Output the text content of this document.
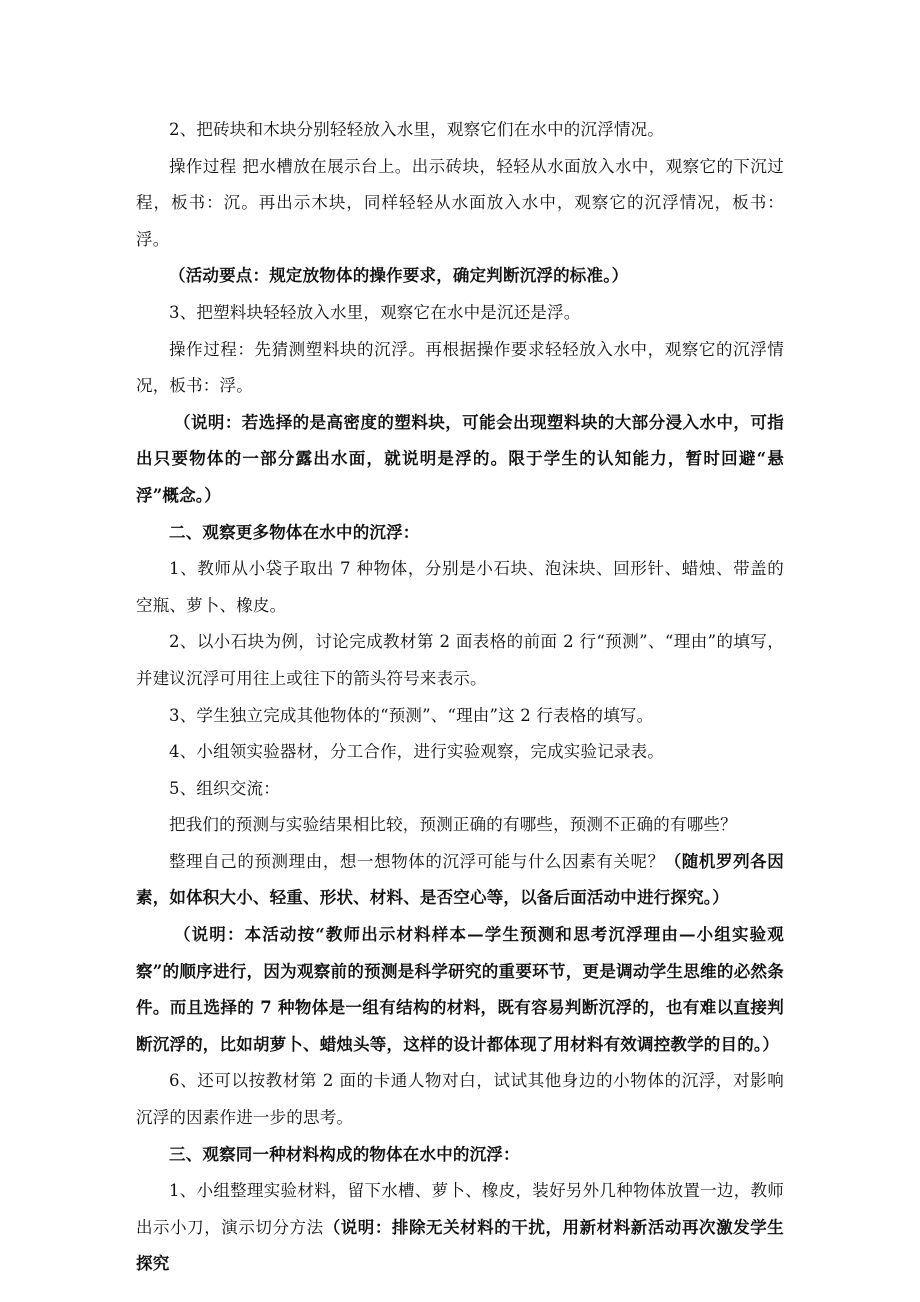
2、把砖块和木块分别轻轻放入水里，观察它们在水中的沉浮情况。

操作过程 把水槽放在展示台上。出示砖块，轻轻从水面放入水中，观察它的下沉过程，板书：沉。再出示木块，同样轻轻从水面放入水中，观察它的沉浮情况，板书：浮。

（活动要点：规定放物体的操作要求，确定判断沉浮的标准。）

3、把塑料块轻轻放入水里，观察它在水中是沉还是浮。

操作过程：先猜测塑料块的沉浮。再根据操作要求轻轻放入水中，观察它的沉浮情况，板书：浮。

（说明：若选择的是高密度的塑料块，可能会出现塑料块的大部分浸入水中，可指出只要物体的一部分露出水面，就说明是浮的。限于学生的认知能力，暂时回避“悬浮”概念。）

二、观察更多物体在水中的沉浮：

1、教师从小袋子取出 7 种物体，分别是小石块、泡沫块、回形针、蜡烛、带盖的空瓶、萝卜、橡皮。

2、以小石块为例，讨论完成教材第 2 面表格的前面 2 行“预测”、“理由”的填写，并建议沉浮可用往上或往下的箭头符号来表示。

3、学生独立完成其他物体的“预测”、“理由”这 2 行表格的填写。

4、小组领实验器材，分工合作，进行实验观察，完成实验记录表。

5、组织交流：

把我们的预测与实验结果相比较，预测正确的有哪些，预测不正确的有哪些？

整理自己的预测理由，想一想物体的沉浮可能与什么因素有关呢？（随机罗列各因素，如体积大小、轻重、形状、材料、是否空心等，以备后面活动中进行探究。）

（说明：本活动按“教师出示材料样本—学生预测和思考沉浮理由—小组实验观察”的顺序进行，因为观察前的预测是科学研究的重要环节，更是调动学生思维的必然条件。而且选择的 7 种物体是一组有结构的材料，既有容易判断沉浮的，也有难以直接判断沉浮的，比如胡萝卜、蜡烛头等，这样的设计都体现了用材料有效调控教学的目的。）

6、还可以按教材第 2 面的卡通人物对白，试试其他身边的小物体的沉浮，对影响沉浮的因素作进一步的思考。

三、观察同一种材料构成的物体在水中的沉浮：

1、小组整理实验材料，留下水槽、萝卜、橡皮，装好另外几种物体放置一边，教师出示小刀，演示切分方法（说明：排除无关材料的干扰，用新材料新活动再次激发学生探究
